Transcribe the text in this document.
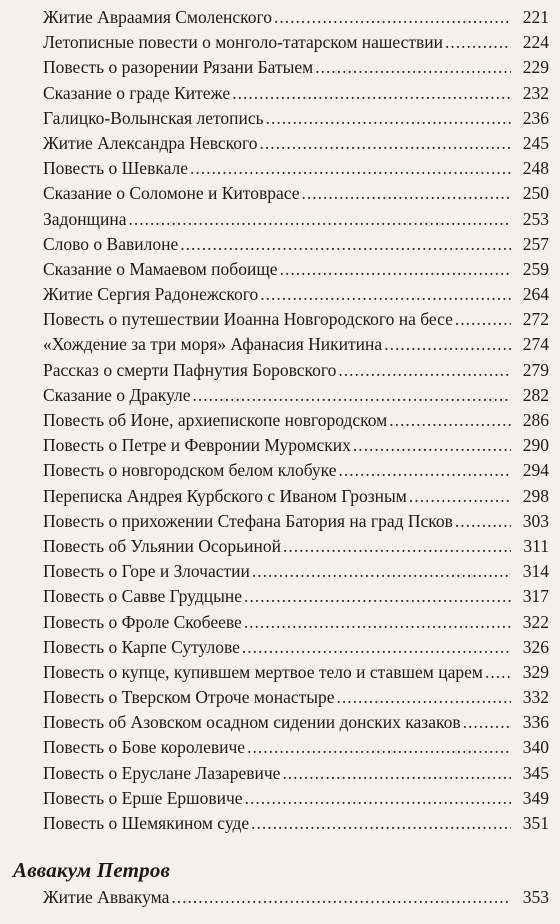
Житие Авраамия Смоленского .....	221
Летописные повести о монголо-татарском нашествии .....	224
Повесть о разорении Рязани Батыем .....	229
Сказание о граде Китеже .....	232
Галицко-Волынская летопись .....	236
Житие Александра Невского .....	245
Повесть о Шевкале .....	248
Сказание о Соломоне и Китоврасе .....	250
Задонщина .....	253
Слово о Вавилоне .....	257
Сказание о Мамаевом побоище .....	259
Житие Сергия Радонежского .....	264
Повесть о путешествии Иоанна Новгородского на бесе .....	272
«Хождение за три моря» Афанасия Никитина .....	274
Рассказ о смерти Пафнутия Боровского .....	279
Сказание о Дракуле .....	282
Повесть об Ионе, архиепископе новгородском .....	286
Повесть о Петре и Февронии Муромских .....	290
Повесть о новгородском белом клобуке .....	294
Переписка Андрея Курбского с Иваном Грозным .....	298
Повесть о прихожении Стефана Батория на град Псков .....	303
Повесть об Ульянии Осорьиной .....	311
Повесть о Горе и Злочастии .....	314
Повесть о Савве Грудцыне .....	317
Повесть о Фроле Скобееве .....	322
Повесть о Карпе Сутулове .....	326
Повесть о купце, купившем мертвое тело и ставшем царем .....	329
Повесть о Тверском Отроче монастыре .....	332
Повесть об Азовском осадном сидении донских казаков .....	336
Повесть о Бове королевиче .....	340
Повесть о Еруслане Лазаревиче .....	345
Повесть о Ерше Ершовиче .....	349
Повесть о Шемякином суде .....	351
Аввакум Петров
Житие Аввакума .....	353
